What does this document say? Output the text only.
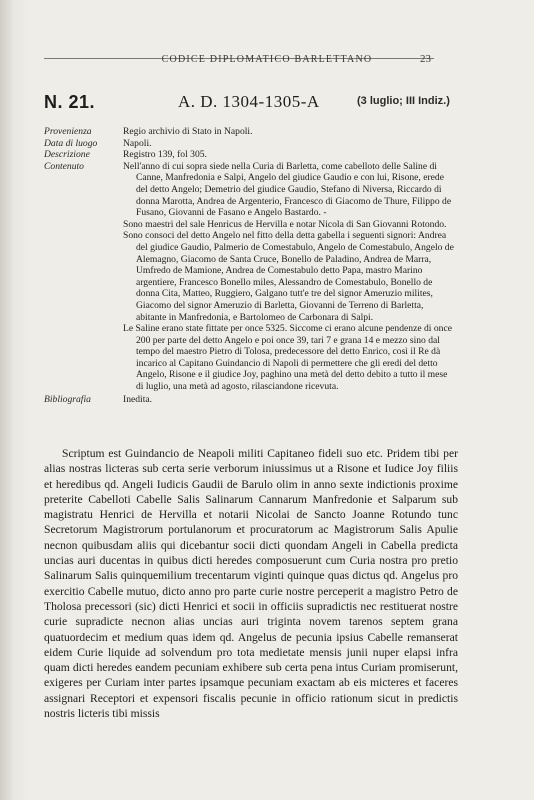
CODICE DIPLOMATICO BARLETTANO	23
N. 21.	A. D. 1304-1305-A	(3 luglio; III Indiz.)
Provenienza	Regio archivio di Stato in Napoli.
Data di luogo	Napoli.
Descrizione	Registro 139, fol 305.
Contenuto	Nell'anno di cui sopra siede nella Curia di Barletta, come cabelloto delle Saline di Canne, Manfredonia e Salpi, Angelo del giudice Gaudio e con lui, Risone, erede del detto Angelo; Demetrio del giudice Gaudio, Stefano di Niversa, Riccardo di donna Marotta, Andrea de Argenterio, Francesco di Giacomo de Thure, Filippo de Fusano, Giovanni de Fasano e Angelo Bastardo. -

Sono maestri del sale Henricus de Hervilla e notar Nicola di San Giovanni Rotondo.

Sono consoci del detto Angelo nel fitto della detta gabella i seguenti signori: Andrea del giudice Gaudio, Palmerio de Comestabulo, Angelo de Comestabulo, Angelo de Alemagno, Giacomo de Santa Cruce, Bonello de Paladino, Andrea de Marra, Umfredo de Mamione, Andrea de Comestabulo detto Papa, mastro Marino argentiere, Francesco Bonello miles, Alessandro de Comestabulo, Bonello de donna Cita, Matteo, Ruggiero, Galgano tutt'e tre del signor Ameruzio milites, Giacomo del signor Ameruzio di Barletta, Giovanni de Terreno di Barletta, abitante in Manfredonia, e Bartolomeo de Carbonara di Salpi.

Le Saline erano state fittate per once 5325. Siccome ci erano alcune pendenze di once 200 per parte del detto Angelo e poi once 39, tari 7 e grana 14 e mezzo sino dal tempo del maestro Pietro di Tolosa, predecessore del detto Enrico, così il Re dà incarico al Capitano Guindancio di Napoli di permettere che gli eredi del detto Angelo, Risone e il giudice Joy, paghino una metà del detto debito a tutto il mese di luglio, una metà ad agosto, rilasciandone ricevuta.

Bibliografia	Inedita.

Scriptum est Guindancio de Neapoli militi Capitaneo fideli suo etc. Pridem tibi per alias nostras licteras sub certa serie verborum iniussimus ut a Risone et Iudice Joy filiis et heredibus qd. Angeli Iudicis Gaudii de Barulo olim in anno sexte indictionis proxime preterite Cabelloti Cabelle Salis Salinarum Cannarum Manfredonie et Salparum sub magistratu Henrici de Hervilla et notarii Nicolai de Sancto Joanne Rotundo tunc Secretorum Magistrorum portulanorum et procuratorum ac Magistrorum Salis Apulie necnon quibusdam aliis qui dicebantur socii dicti quondam Angeli in Cabella predicta uncias auri ducentas in quibus dicti heredes composuerunt cum Curia nostra pro pretio Salinarum Salis quinquemilium trecentarum viginti quinque quas dictus qd. Angelus pro exercitio Cabelle mutuo, dicto anno pro parte curie nostre perceperit a magistro Petro de Tholosa precessori (sic) dicti Henrici et socii in officiis supradictis nec restituerat nostre curie supradicte necnon alias uncias auri triginta novem tarenos septem grana quatuordecim et medium quas idem qd. Angelus de pecunia ipsius Cabelle remanserat eidem Curie liquide ad solvendum pro tota medietate mensis junii nuper elapsi infra quam dicti heredes eandem pecuniam exhibere sub certa pena intus Curiam promiserunt, exigeres per Curiam inter partes ipsamque pecuniam exactam ab eis micteres et faceres assignari Receptori et expensori fiscalis pecunie in officio rationum sicut in predictis nostris licteris tibi missis
